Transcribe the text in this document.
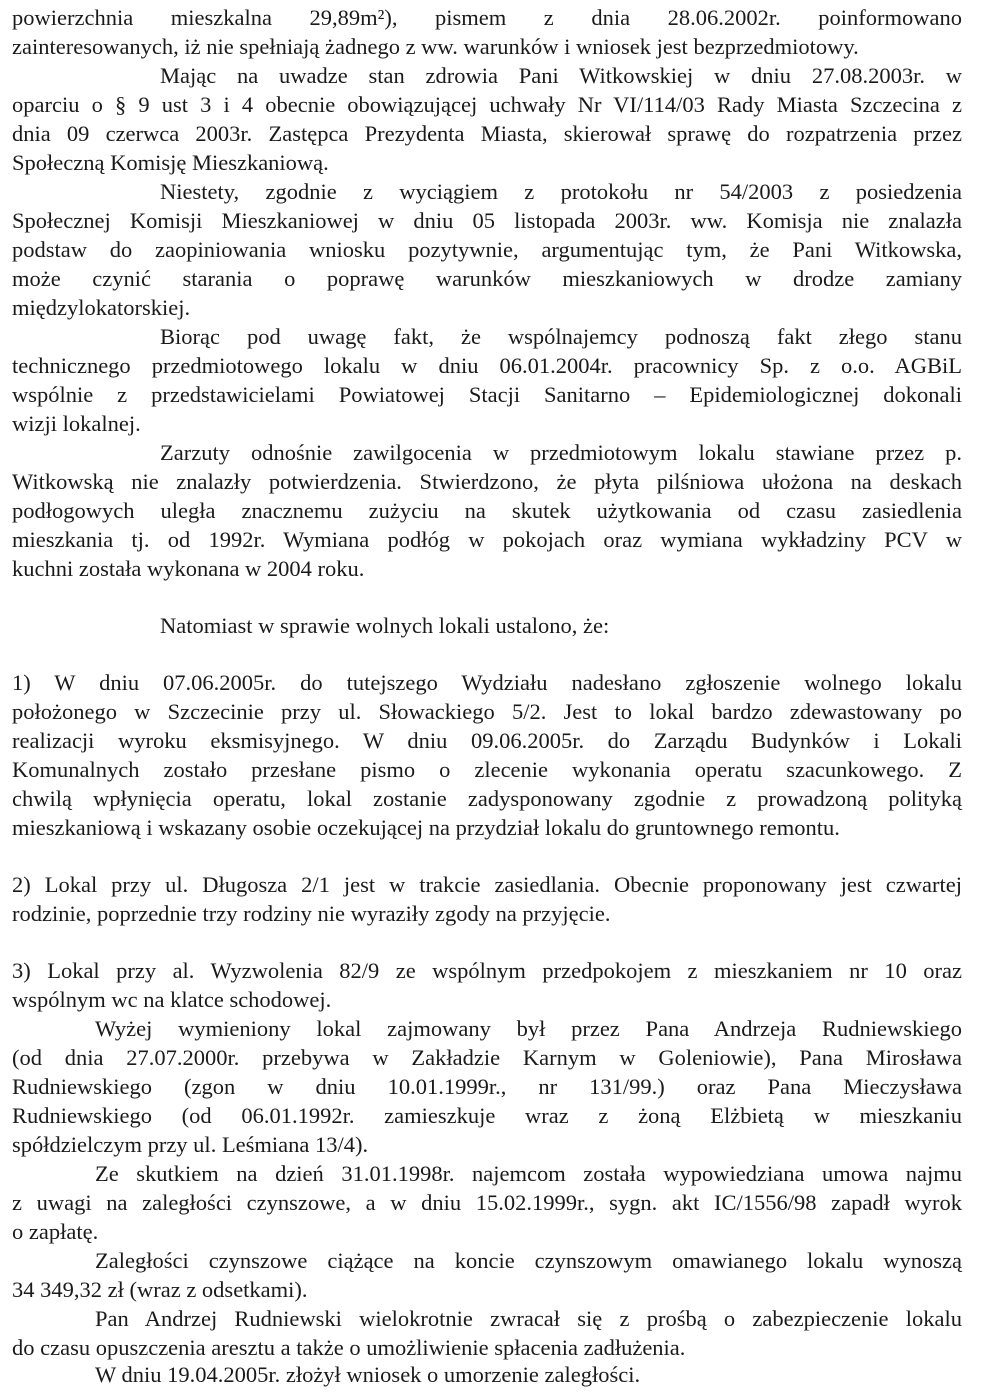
powierzchnia mieszkalna 29,89m²), pismem z dnia 28.06.2002r. poinformowano
zainteresowanych, iż nie spełniają żadnego z ww. warunków i wniosek jest bezprzedmiotowy.
Mając na uwadze stan zdrowia Pani Witkowskiej w dniu 27.08.2003r. w
oparciu o § 9 ust 3 i 4 obecnie obowiązującej uchwały Nr VI/114/03 Rady Miasta Szczecina z
dnia 09 czerwca 2003r. Zastępca Prezydenta Miasta, skierował sprawę do rozpatrzenia przez
Społeczną Komisję Mieszkaniową.
Niestety, zgodnie z wyciągiem z protokołu nr 54/2003 z posiedzenia
Społecznej Komisji Mieszkaniowej w dniu 05 listopada 2003r. ww. Komisja nie znalazła
podstaw do zaopiniowania wniosku pozytywnie, argumentując tym, że Pani Witkowska,
może czynić starania o poprawę warunków mieszkaniowych w drodze zamiany
międzylokatorskiej.
Biorąc pod uwagę fakt, że wspólnajemcy podnoszą fakt złego stanu
technicznego przedmiotowego lokalu w dniu 06.01.2004r. pracownicy Sp. z o.o. AGBiL
wspólnie z przedstawicielami Powiatowej Stacji Sanitarno – Epidemiologicznej dokonali
wizji lokalnej.
Zarzuty odnośnie zawilgocenia w przedmiotowym lokalu stawiane przez p.
Witkowską nie znalazły potwierdzenia. Stwierdzono, że płyta pilśniowa ułożona na deskach
podłogowych uległa znacznemu zużyciu na skutek użytkowania od czasu zasiedlenia
mieszkania tj. od 1992r. Wymiana podłóg w pokojach oraz wymiana wykładziny PCV w
kuchni została wykonana w 2004 roku.
Natomiast w sprawie wolnych lokali ustalono, że:
1) W dniu 07.06.2005r. do tutejszego Wydziału nadesłano zgłoszenie wolnego lokalu
położonego w Szczecinie przy ul. Słowackiego 5/2. Jest to lokal bardzo zdewastowany po
realizacji wyroku eksmisyjnego. W dniu 09.06.2005r. do Zarządu Budynków i Lokali
Komunalnych zostało przesłane pismo o zlecenie wykonania operatu szacunkowego. Z
chwilą wpłynięcia operatu, lokal zostanie zadysponowany zgodnie z prowadzoną polityką
mieszkaniową i wskazany osobie oczekującej na przydział lokalu do gruntownego remontu.
2) Lokal przy ul. Długosza 2/1 jest w trakcie zasiedlania. Obecnie proponowany jest czwartej
rodzinie, poprzednie trzy rodziny nie wyraziły zgody na przyjęcie.
3) Lokal przy al. Wyzwolenia 82/9 ze wspólnym przedpokojem z mieszkaniem nr 10 oraz
wspólnym wc na klatce schodowej.
Wyżej wymieniony lokal zajmowany był przez Pana Andrzeja Rudniewskiego
(od dnia 27.07.2000r. przebywa w Zakładzie Karnym w Goleniowie), Pana Mirosława
Rudniewskiego (zgon w dniu 10.01.1999r., nr 131/99.) oraz Pana Mieczysława
Rudniewskiego (od 06.01.1992r. zamieszkuje wraz z żoną Elżbietą w mieszkaniu
spółdzielczym przy ul. Leśmiana 13/4).
Ze skutkiem na dzień 31.01.1998r. najemcom została wypowiedziana umowa najmu
z uwagi na zaległości czynszowe, a w dniu 15.02.1999r., sygn. akt IC/1556/98 zapadł wyrok
o zapłatę.
Zaległości czynszowe ciążące na koncie czynszowym omawianego lokalu wynoszą
34 349,32 zł (wraz z odsetkami).
Pan Andrzej Rudniewski wielokrotnie zwracał się z prośbą o zabezpieczenie lokalu
do czasu opuszczenia aresztu a także o umożliwienie spłacenia zadłużenia.
W dniu 19.04.2005r. złożył wniosek o umorzenie zaległości.
